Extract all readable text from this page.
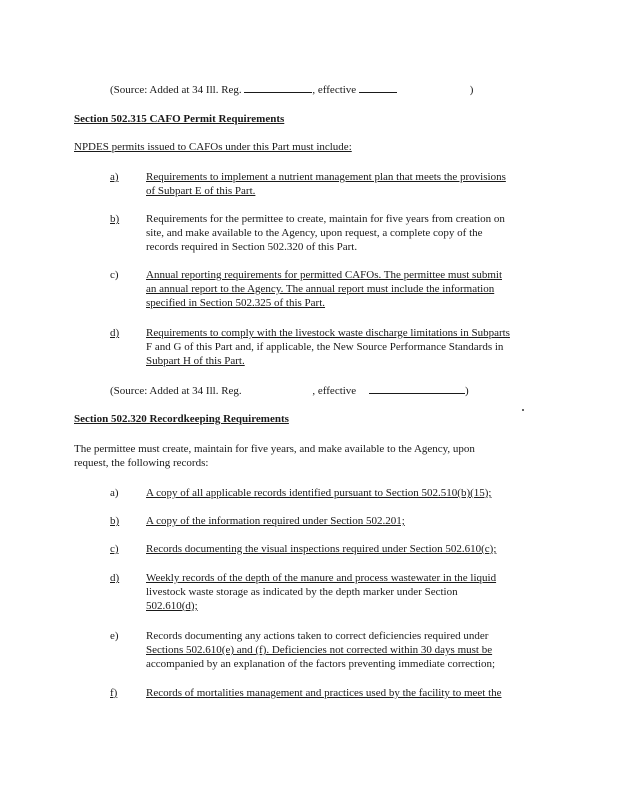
(Source: Added at 34 Ill. Reg.	, effective	)
Section 502.315 CAFO Permit Requirements
NPDES permits issued to CAFOs under this Part must include:
a) Requirements to implement a nutrient management plan that meets the provisions
of Subpart E of this Part.
b) Requirements for the permittee to create, maintain for five years from creation on
site, and make available to the Agency, upon request, a complete copy of the
records required in Section 502.320 of this Part.
c) Annual reporting requirements for permitted CAFOs. The permittee must submit
an annual report to the Agency. The annual report must include the information
specified in Section 502.325 of this Part.
d) Requirements to comply with the livestock waste discharge limitations in Subparts
F and G of this Part and, if applicable, the New Source Performance Standards in
Subpart H of this Part.
(Source: Added at 34 Ill. Reg.	, effective	)
Section 502.320 Recordkeeping Requirements
The permittee must create, maintain for five years, and make available to the Agency, upon
request, the following records:
a) A copy of all applicable records identified pursuant to Section 502.510(b)(15);
b) A copy of the information required under Section 502.201;
c) Records documenting the visual inspections required under Section 502.610(c);
d) Weekly records of the depth of the manure and process wastewater in the liquid
livestock waste storage as indicated by the depth marker under Section
502.610(d);
e) Records documenting any actions taken to correct deficiencies required under
Sections 502.610(e) and (f). Deficiencies not corrected within 30 days must be
accompanied by an explanation of the factors preventing immediate correction;
f)	Records of mortalities management and practices used by the facility to meet the
